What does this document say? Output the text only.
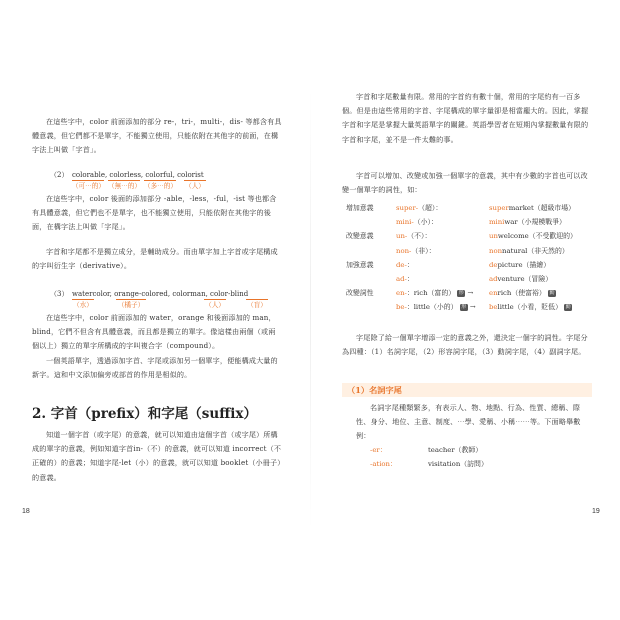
在這些字中，color 前面添加的部分 re-，tri-，multi-，dis- 等都含有具體意義，但它們都不是單字，不能獨立使用，只能依附在其他字的前面，在構字法上叫做「字首」。

（2） colorable, colorless, colorful, colorist
（可⋯的） （無⋯的） （多⋯的） （人）

在這些字中，color 後面的添加部分 -able，-less，-ful，-ist 等也都含有具體意義，但它們也不是單字，也不能獨立使用，只能依附在其他字的後面，在構字法上叫做「字尾」。

字首和字尾都不是獨立成分，是輔助成分。而由單字加上字首或字尾構成的字叫衍生字（derivative）。

（3） watercolor, orange-colored, colorman, color-blind
（水）	（橘子）	（人）	（盲）

在這些字中，color 前面添加的 water，orange 和後面添加的 man，blind，它們不但含有具體意義，而且都是獨立的單字。像這樣由兩個（或兩個以上）獨立的單字所構成的字叫複合字（compound）。

一個英語單字，透過添加字首、字尾或添加另一個單字，便能構成大量的新字。這和中文添加偏旁或部首的作用是相似的。

2. 字首（prefix）和字尾（suffix）

知道一個字首（或字尾）的意義，就可以知道由這個字首（或字尾）所構成的單字的意義，例如知道字首in-（不）的意義，就可以知道 incorrect（不正確的）的意義；知道字尾-let（小）的意義，就可以知道 booklet（小冊子）的意義。

18	19

字首和字尾數量有限。常用的字首約有數十個，常用的字尾約有一百多個。但是由這些常用的字首、字尾構成的單字量卻是相當龐大的。因此，掌握字首和字尾是掌握大量英語單字的關鍵。英語學習者在短期內掌握數量有限的字首和字尾，並不是一件太難的事。

字首可以增加、改變或加強一個單字的意義，其中有少數的字首也可以改變一個單字的詞性，如：

增加意義	super-（超）：	supermarket（超級市場）
mini-（小）：	miniwar（小規模戰爭）
改變意義	un-（不）：	unwelcome（不受歡迎的）
non-（非）：	nonnatural（非天然的）
加強意義	de-：	depicture（描繪）
ad-：	adventure（冒險）
改變詞性	en-：rich（富的） 形 → enrich（使富裕） 動
be-：little（小的） 形 → belittle（小看，貶低） 動

字尾除了給一個單字增添一定的意義之外，還決定一個字的詞性。字尾分為四種：（1）名詞字尾，（2）形容詞字尾，（3）動詞字尾，（4）副詞字尾。

（1）名詞字尾

名詞字尾種類繁多，有表示人、物、地點、行為、性質、總稱、際性、身分、地位、主意、制度、⋯學、愛稱、小稱⋯⋯等。下面略舉數例：

-er：	teacher（教師）
-ation：	visitation（訪問）
